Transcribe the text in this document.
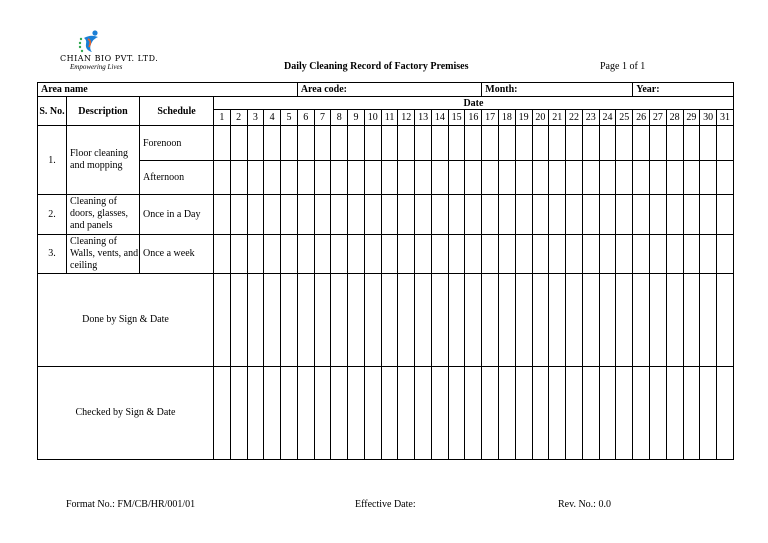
CHIAN BIO PVT. LTD.
Empowering Lives	Daily Cleaning Record of Factory Premises	Page 1 of 1
Area name								Area code:											Month:									Year:					
S. No.	Description	Schedule	Date																														
			1	2	3	4	5	6	7	8	9	10	11	12	13	14	15	16	17	18	19	20	21	22	23	24	25	26	27	28	29	30	31
1.	Floor cleaning and mopping	Forenoon																															
		Afternoon																															
2.	Cleaning of doors, glasses, and panels	Once in a Day																															
3.	Cleaning of Walls, vents, and ceiling	Once a week																															
Done by Sign & Date																																	
Checked by Sign & Date																																	
Format No.: FM/CB/HR/001/01	Effective Date:	Rev. No.: 0.0
